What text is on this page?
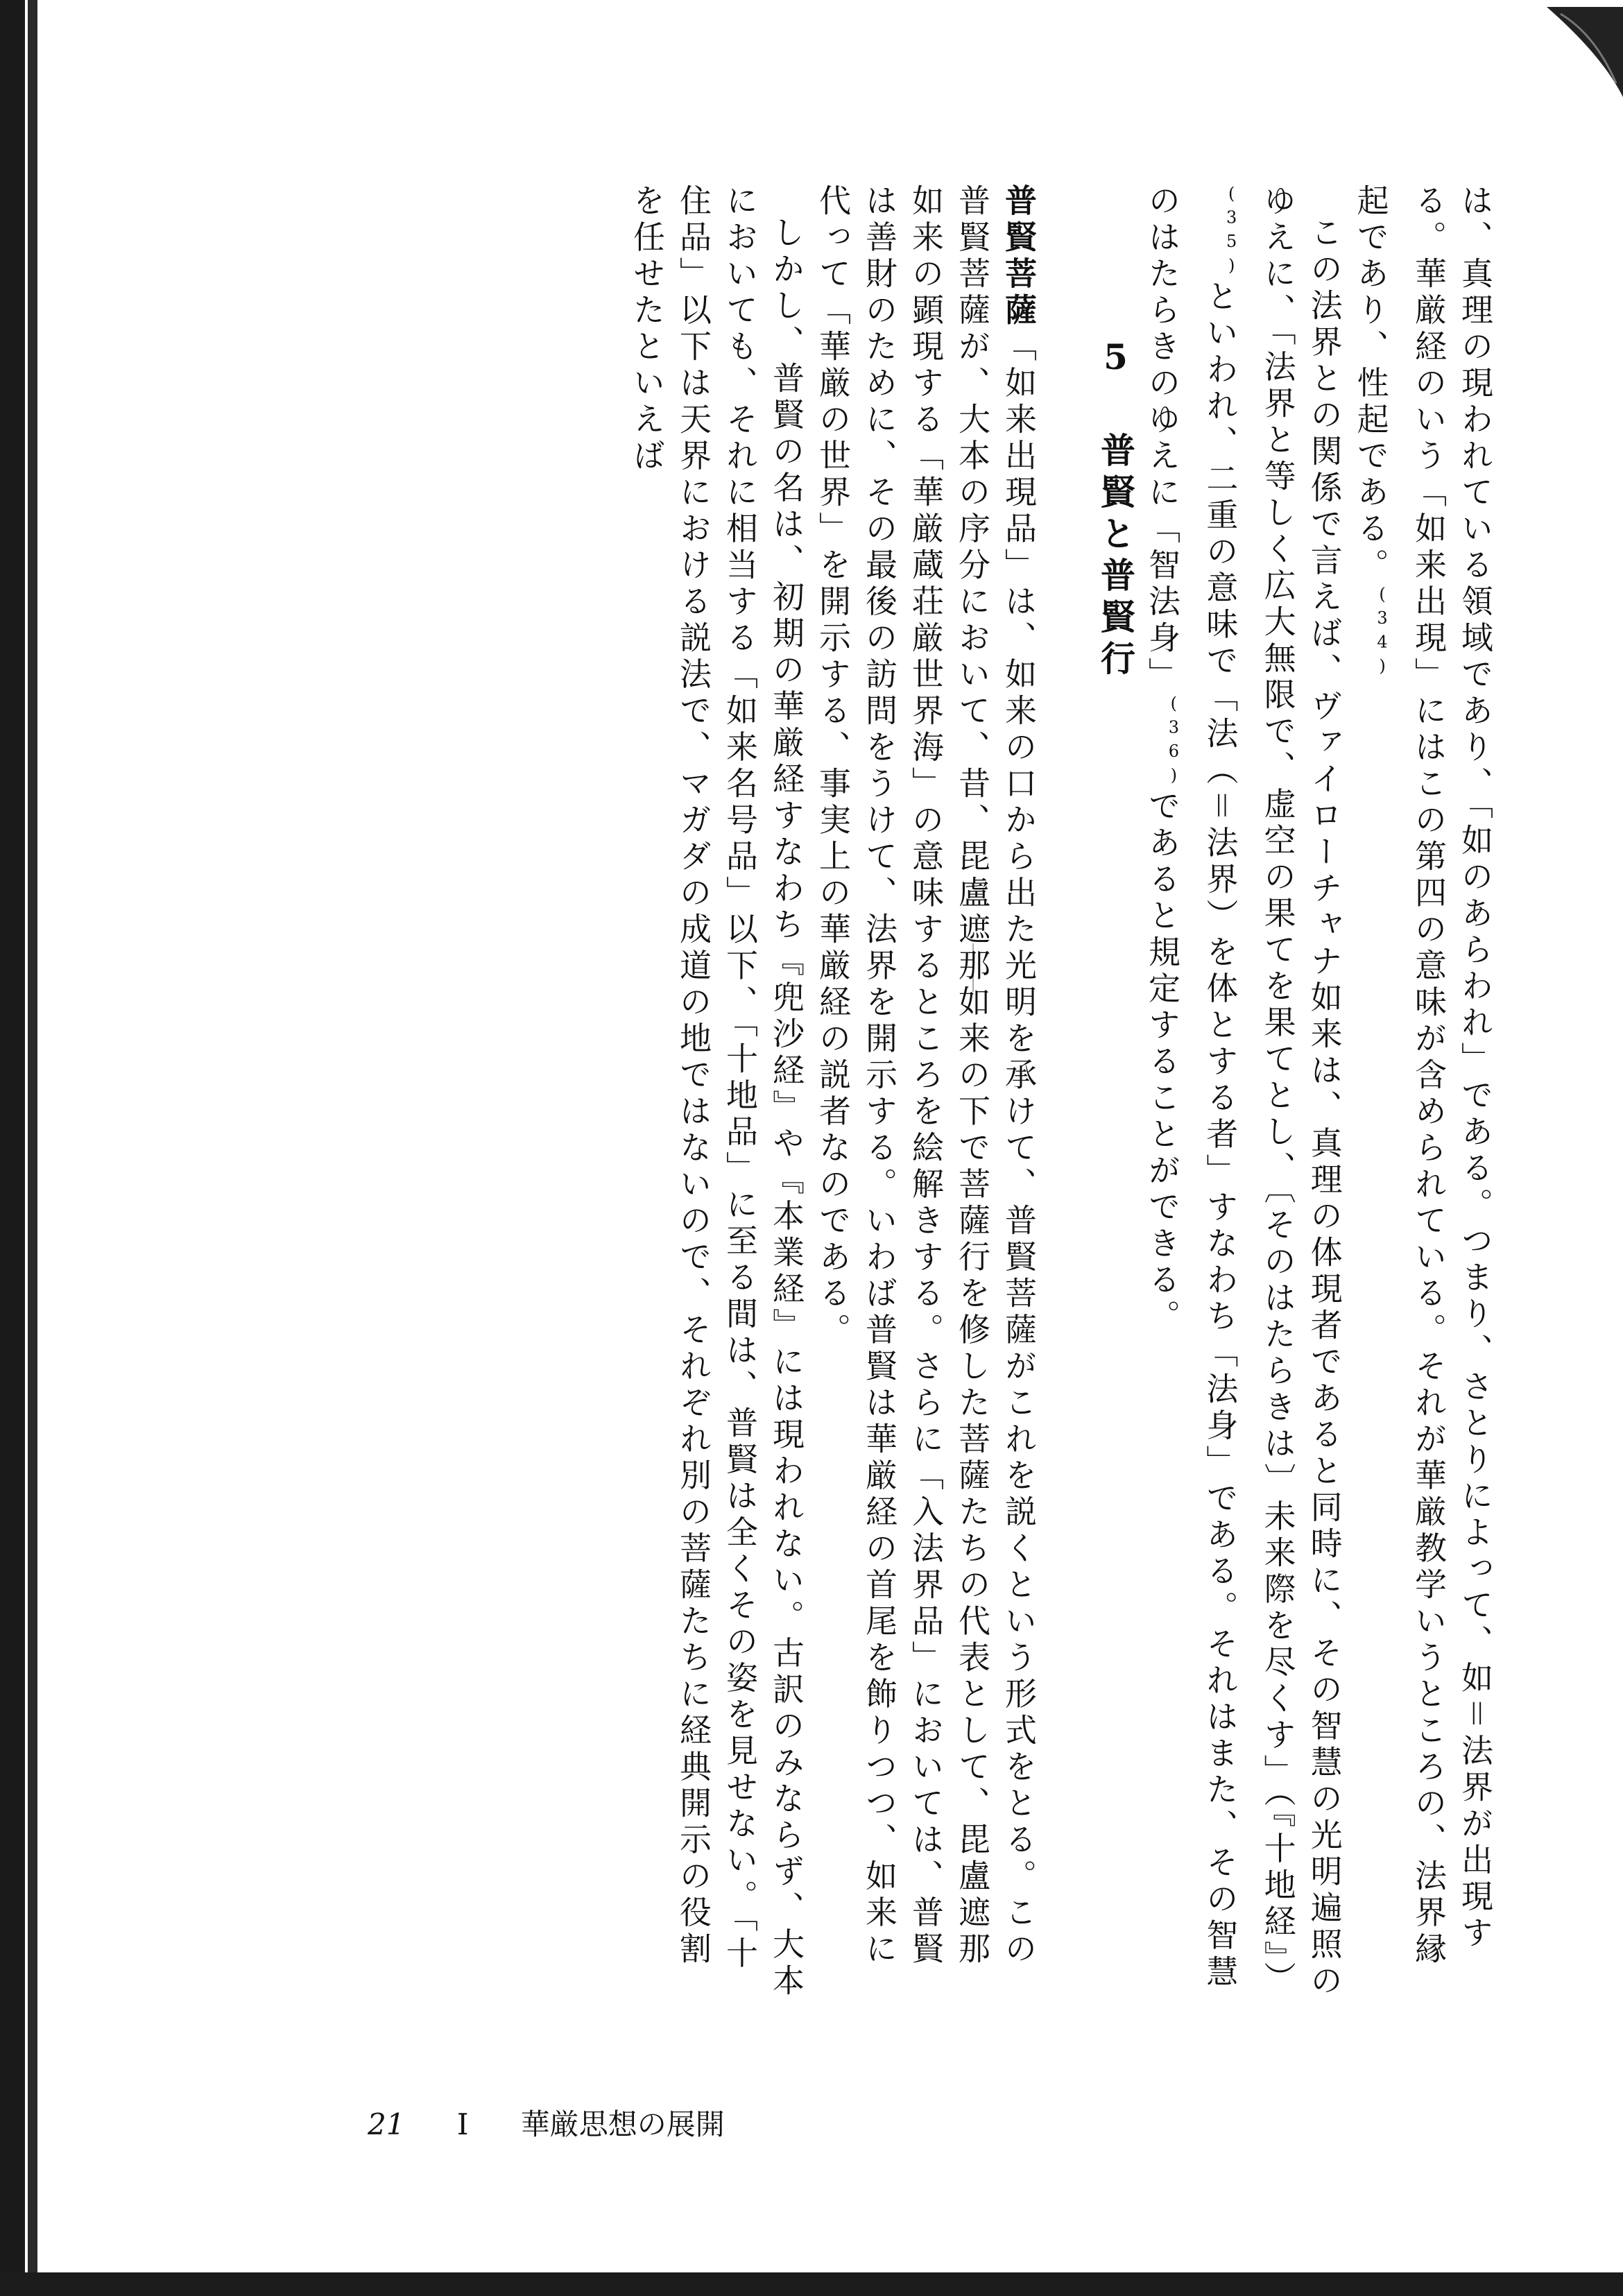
は、真理の現われている領域であり、「如のあらわれ」である。つまり、さとりによって、如＝法界が出現する。華厳経のいう「如来出現」にはこの第四の意味が含められている。それが華厳教学いうところの、法界縁起であり、性起である。$^{(34)}$

この法界との関係で言えば、ヴァイローチャナ如来は、真理の体現者であると同時に、その智慧の光明遍照のゆえに、「法界と等しく広大無限で、虚空の果てを果てとし、〔そのはたらきは〕未来際を尽くす」（『十地経』）$^{(35)}$といわれ、二重の意味で「法（＝法界）を体とする者」すなわち「法身」である。それはまた、その智慧のはたらきのゆえに「智法身」$^{(36)}$であると規定することができる。

5 普賢と普賢行

普賢菩薩「如来出現品」は、如来の口から出た光明を承けて、普賢菩薩がこれを説くという形式をとる。この普賢菩薩が、大本の序分において、昔、毘盧遮那如来の下で菩薩行を修した菩薩たちの代表として、毘盧遮那如来の顕現する「華厳蔵荘厳世界海」の意味するところを絵解きする。さらに「入法界品」においては、普賢は善財のために、その最後の訪問をうけて、法界を開示する。いわば普賢は華厳経の首尾を飾りつつ、如来に代って「華厳の世界」を開示する、事実上の華厳経の説者なのである。

しかし、普賢の名は、初期の華厳経すなわち『兜沙経』や『本業経』には現われない。古訳のみならず、大本においても、それに相当する「如来名号品」以下、「十地品」に至る間は、普賢は全くその姿を見せない。「十住品」以下は天界における説法で、マガダの成道の地ではないので、それぞれ別の菩薩たちに経典開示の役割を任せたといえば

21 I 華厳思想の展開
